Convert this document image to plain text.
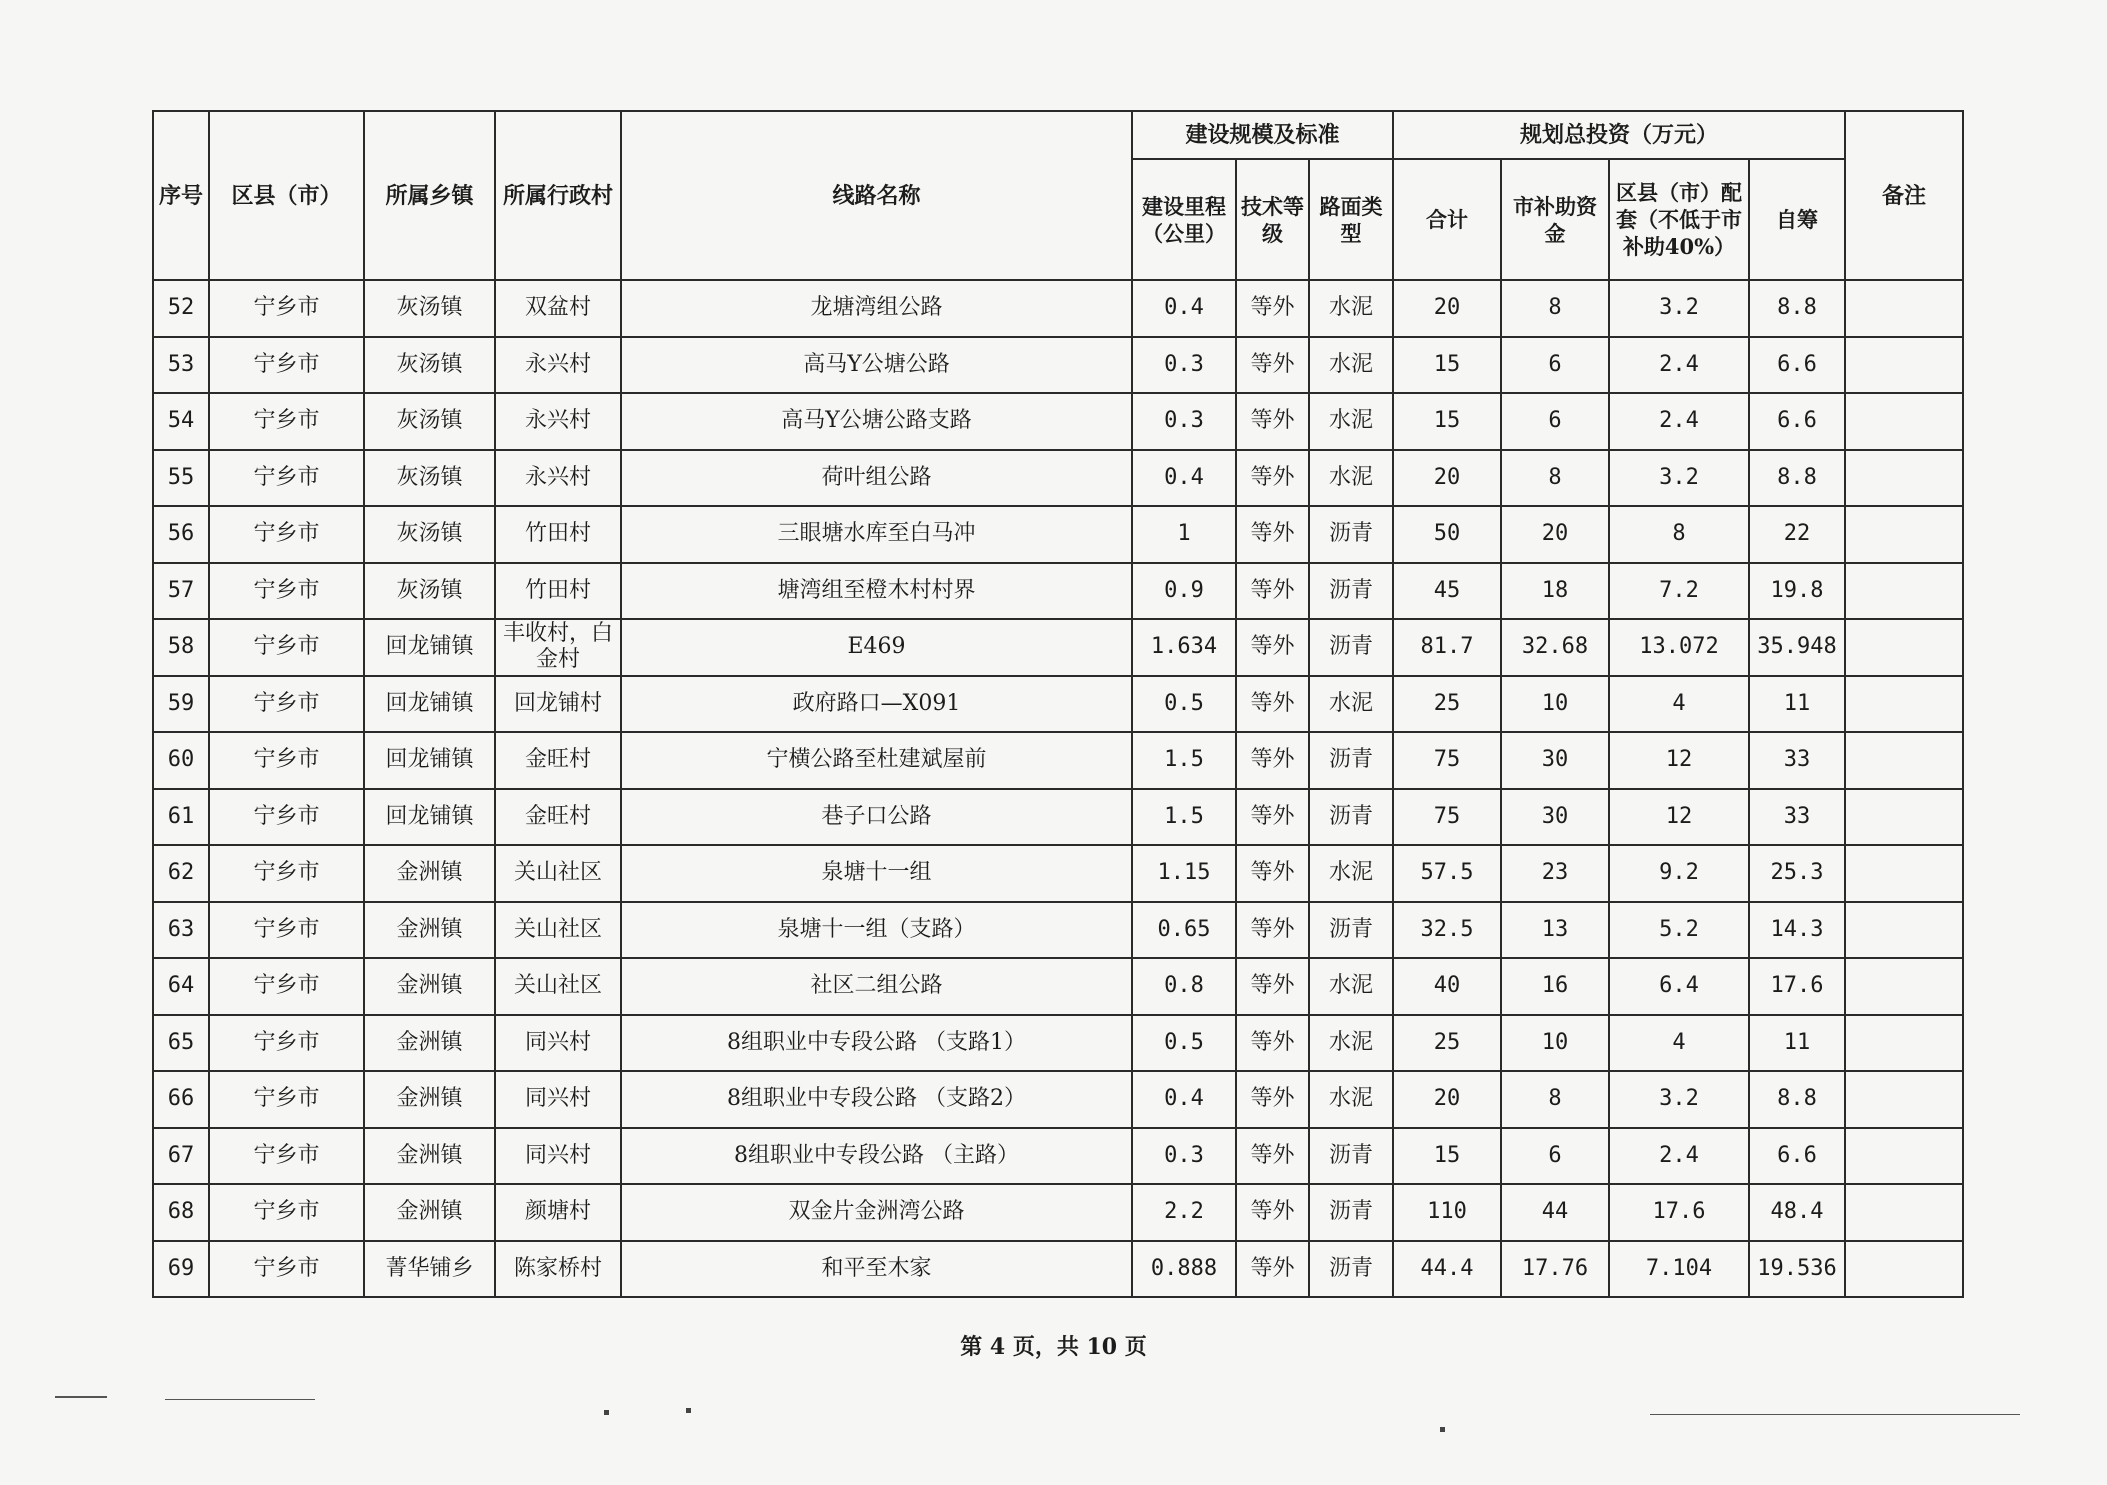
序号	区县（市）	所属乡镇	所属行政村	线路名称	建设规模及标准			规划总投资（万元）				备注
					建设里程（公里）	技术等级	路面类型	合计	市补助资金	区县（市）配套（不低于市补助40%）	自筹	
52	宁乡市	灰汤镇	双盆村	龙塘湾组公路	0.4	等外	水泥	20	8	3.2	8.8	
53	宁乡市	灰汤镇	永兴村	高马Y公塘公路	0.3	等外	水泥	15	6	2.4	6.6	
54	宁乡市	灰汤镇	永兴村	高马Y公塘公路支路	0.3	等外	水泥	15	6	2.4	6.6	
55	宁乡市	灰汤镇	永兴村	荷叶组公路	0.4	等外	水泥	20	8	3.2	8.8	
56	宁乡市	灰汤镇	竹田村	三眼塘水库至白马冲	1	等外	沥青	50	20	8	22	
57	宁乡市	灰汤镇	竹田村	塘湾组至橙木村村界	0.9	等外	沥青	45	18	7.2	19.8	
58	宁乡市	回龙铺镇	丰收村，白金村	E469	1.634	等外	沥青	81.7	32.68	13.072	35.948	
59	宁乡市	回龙铺镇	回龙铺村	政府路口—X091	0.5	等外	水泥	25	10	4	11	
60	宁乡市	回龙铺镇	金旺村	宁横公路至杜建斌屋前	1.5	等外	沥青	75	30	12	33	
61	宁乡市	回龙铺镇	金旺村	巷子口公路	1.5	等外	沥青	75	30	12	33	
62	宁乡市	金洲镇	关山社区	泉塘十一组	1.15	等外	水泥	57.5	23	9.2	25.3	
63	宁乡市	金洲镇	关山社区	泉塘十一组（支路）	0.65	等外	沥青	32.5	13	5.2	14.3	
64	宁乡市	金洲镇	关山社区	社区二组公路	0.8	等外	水泥	40	16	6.4	17.6	
65	宁乡市	金洲镇	同兴村	8组职业中专段公路 （支路1）	0.5	等外	水泥	25	10	4	11	
66	宁乡市	金洲镇	同兴村	8组职业中专段公路 （支路2）	0.4	等外	水泥	20	8	3.2	8.8	
67	宁乡市	金洲镇	同兴村	8组职业中专段公路 （主路）	0.3	等外	沥青	15	6	2.4	6.6	
68	宁乡市	金洲镇	颜塘村	双金片金洲湾公路	2.2	等外	沥青	110	44	17.6	48.4	
69	宁乡市	菁华铺乡	陈家桥村	和平至木家	0.888	等外	沥青	44.4	17.76	7.104	19.536	
第 4 页，共 10 页
